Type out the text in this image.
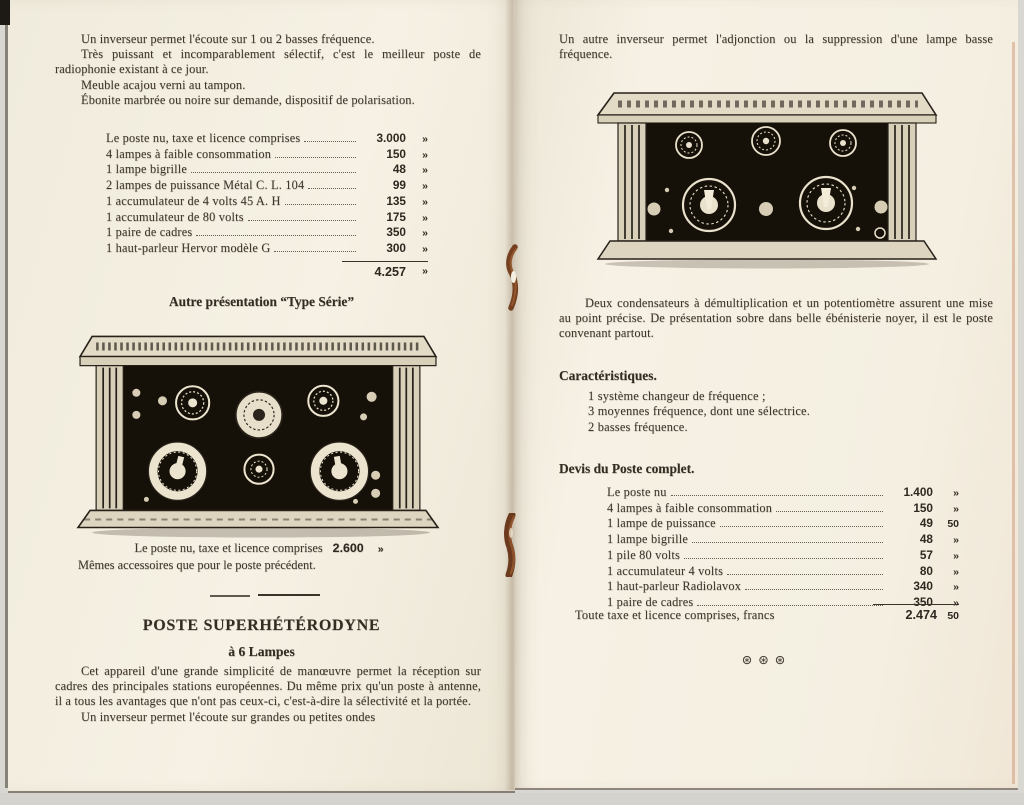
Un inverseur permet l'écoute sur 1 ou 2 basses fréquence.

Très puissant et incomparablement sélectif, c'est le meilleur poste de radiophonie existant à ce jour.

Meuble acajou verni au tampon.

Ébonite marbrée ou noire sur demande, dispositif de polarisation.

Le poste nu, taxe et licence comprises	3.000	»
4 lampes à faible consommation	150	»
1 lampe bigrille	48	»
2 lampes de puissance Métal C. L. 104	99	»
1 accumulateur de 4 volts 45 A. H	135	»
1 accumulateur de 80 volts	175	»
1 paire de cadres	350	»
1 haut-parleur Hervor modèle G	300	»
4.257	»
Autre présentation “Type Série”
Le poste nu, taxe et licence comprises 2.600 »
Mêmes accessoires que pour le poste précédent.
POSTE SUPERHÉTÉRODYNE
à 6 Lampes

Cet appareil d'une grande simplicité de manœuvre permet la réception sur cadres des principales stations européennes. Du même prix qu'un poste à antenne, il a tous les avantages que n'ont pas ceux-ci, c'est-à-dire la sélectivité et la portée.

Un inverseur permet l'écoute sur grandes ou petites ondes

Un autre inverseur permet l'adjonction ou la suppression d'une lampe basse fréquence.

Deux condensateurs à démultiplication et un potentiomètre assurent une mise au point précise. De présentation sobre dans belle ébénisterie noyer, il est le poste convenant partout.

Caractéristiques.
1 système changeur de fréquence ;
3 moyennes fréquence, dont une sélectrice.
2 basses fréquence.
Devis du Poste complet.
Le poste nu	1.400	»
4 lampes à faible consommation	150	»
1 lampe de puissance	49	50
1 lampe bigrille	48	»
1 pile 80 volts	57	»
1 accumulateur 4 volts	80	»
1 haut-parleur Radiolavox	340	»
1 paire de cadres	350	»
Toute taxe et licence comprises, francs	2.474 50
⊛⊛⊛
